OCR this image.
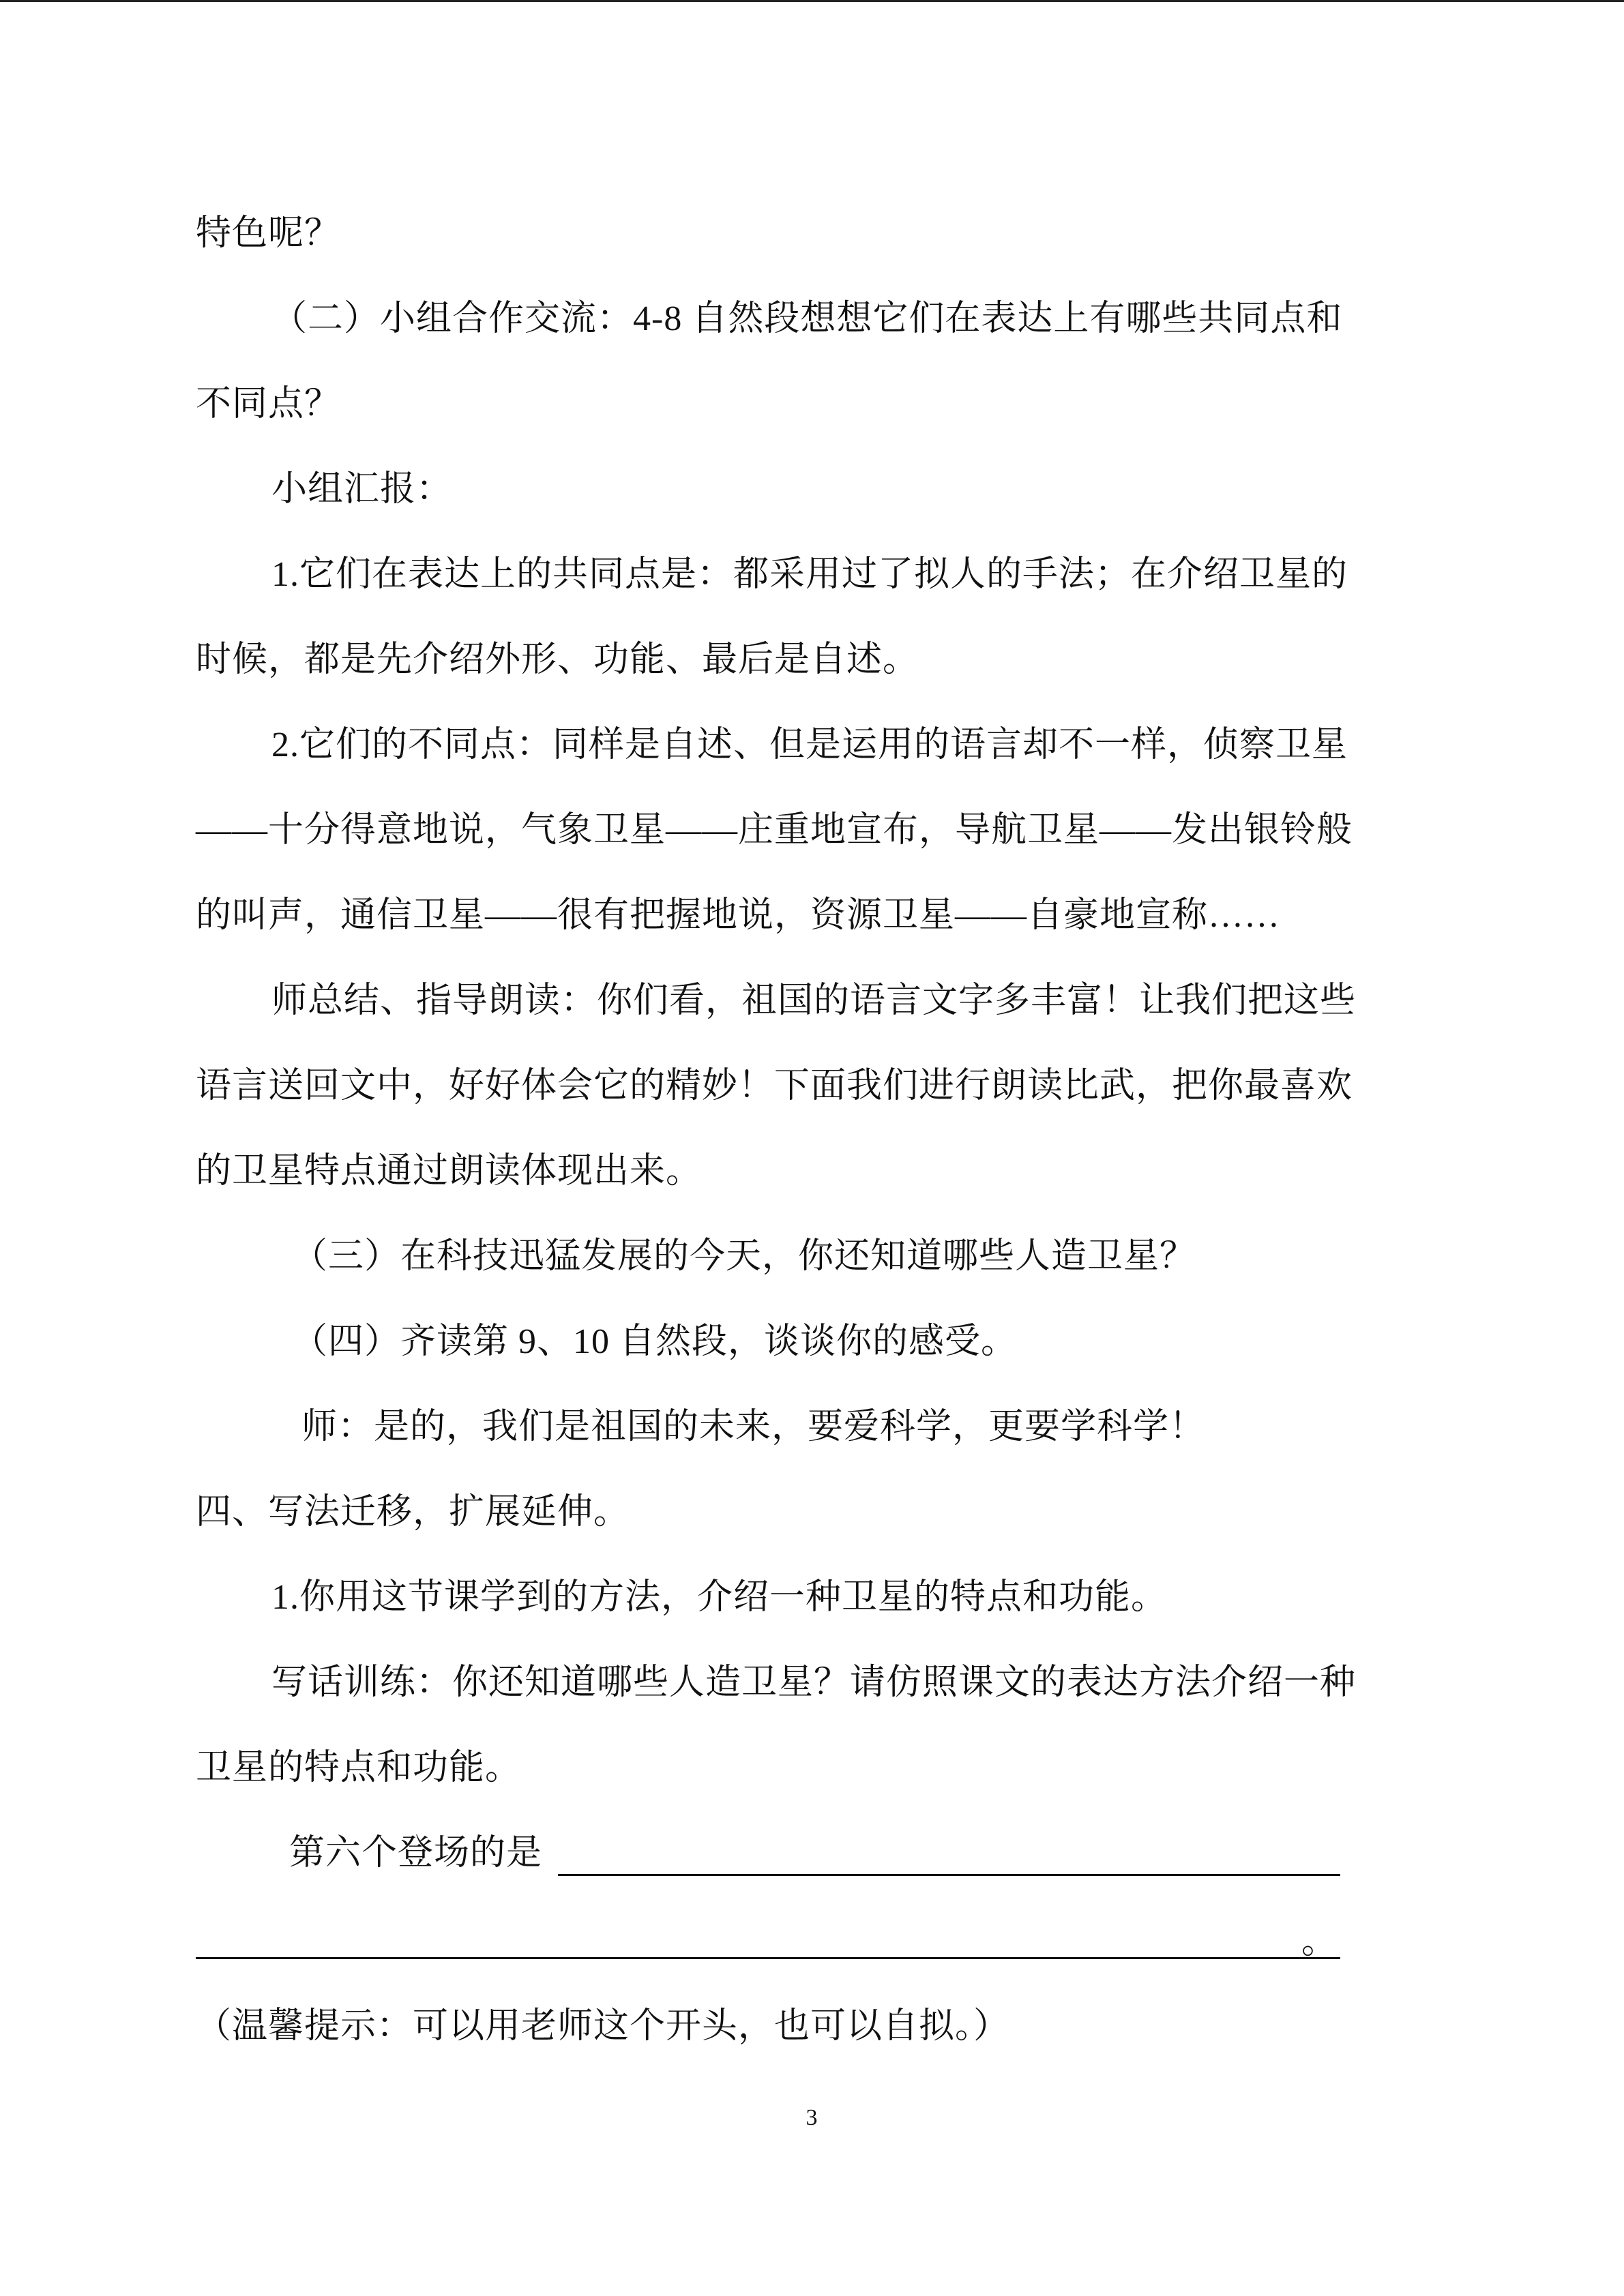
特色呢？
（二）小组合作交流：4-8 自然段想想它们在表达上有哪些共同点和
不同点？
小组汇报：
1.它们在表达上的共同点是：都采用过了拟人的手法；在介绍卫星的
时候，都是先介绍外形、功能、最后是自述。
2.它们的不同点：同样是自述、但是运用的语言却不一样，侦察卫星
——十分得意地说，气象卫星——庄重地宣布，导航卫星——发出银铃般
的叫声，通信卫星——很有把握地说，资源卫星——自豪地宣称……
师总结、指导朗读：你们看，祖国的语言文字多丰富！让我们把这些
语言送回文中，好好体会它的精妙！下面我们进行朗读比武，把你最喜欢
的卫星特点通过朗读体现出来。
（三）在科技迅猛发展的今天，你还知道哪些人造卫星？
（四）齐读第 9、10 自然段，谈谈你的感受。
师：是的，我们是祖国的未来，要爱科学，更要学科学！
四、写法迁移，扩展延伸。
1.你用这节课学到的方法，介绍一种卫星的特点和功能。
写话训练：你还知道哪些人造卫星？请仿照课文的表达方法介绍一种
卫星的特点和功能。
第六个登场的是
。
（温馨提示：可以用老师这个开头，也可以自拟。）
3
